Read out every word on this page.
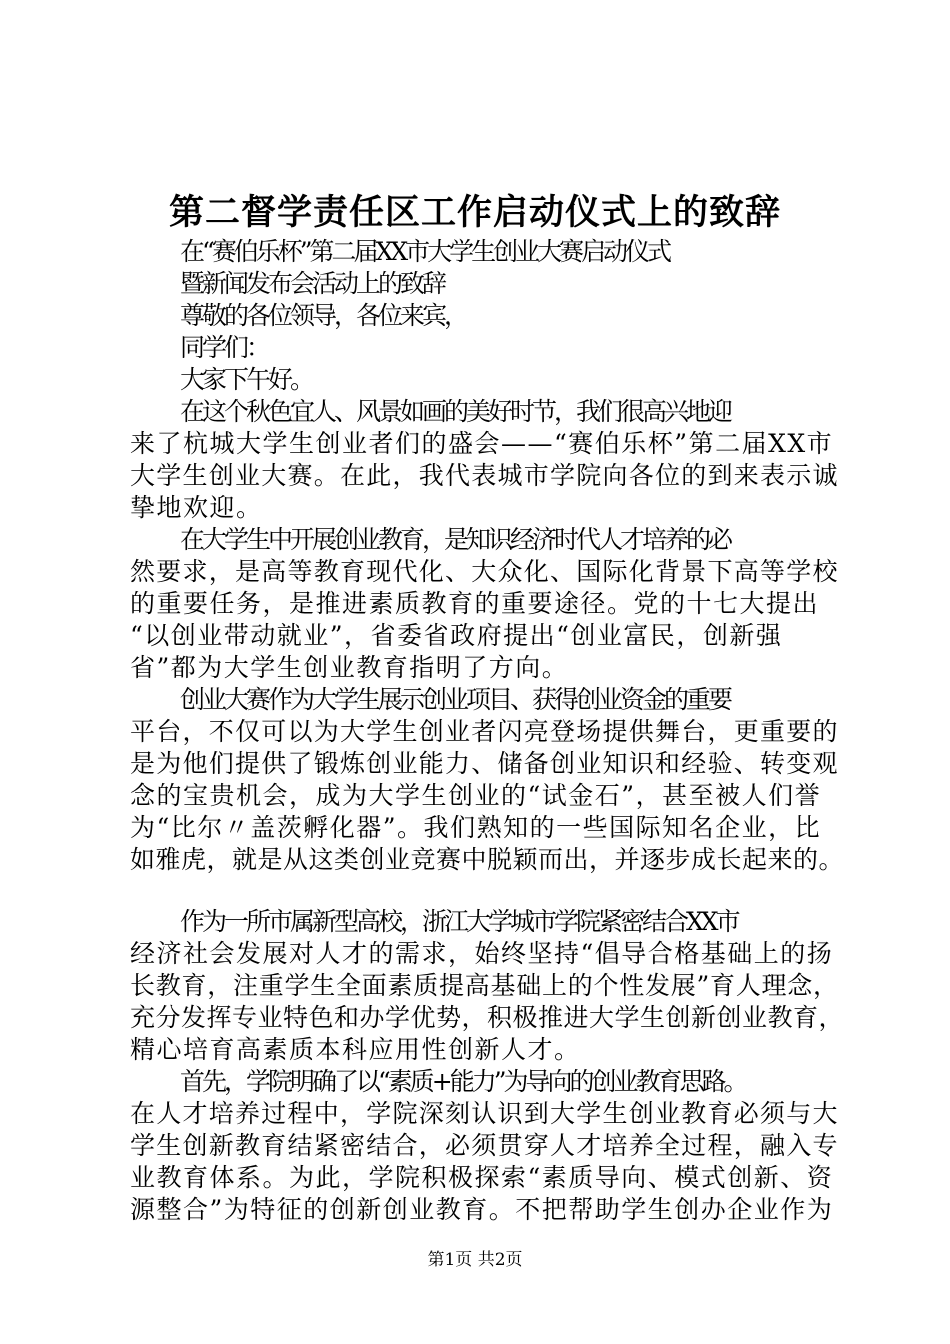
第二督学责任区工作启动仪式上的致辞
在“赛伯乐杯”第二届XX市大学生创业大赛启动仪式
暨新闻发布会活动上的致辞
尊敬的各位领导，各位来宾，
同学们：
大家下午好。
在这个秋色宜人、风景如画的美好时节，我们很高兴地迎
来了杭城大学生创业者们的盛会——“赛伯乐杯”第二届XX市
大学生创业大赛。在此，我代表城市学院向各位的到来表示诚
挚地欢迎。
在大学生中开展创业教育，是知识经济时代人才培养的必
然要求，是高等教育现代化、大众化、国际化背景下高等学校
的重要任务，是推进素质教育的重要途径。党的十七大提出
“以创业带动就业”，省委省政府提出“创业富民，创新强
省”都为大学生创业教育指明了方向。
创业大赛作为大学生展示创业项目、获得创业资金的重要
平台，不仅可以为大学生创业者闪亮登场提供舞台，更重要的
是为他们提供了锻炼创业能力、储备创业知识和经验、转变观
念的宝贵机会，成为大学生创业的“试金石”，甚至被人们誉
为“比尔〃盖茨孵化器”。我们熟知的一些国际知名企业，比
如雅虎，就是从这类创业竞赛中脱颖而出，并逐步成长起来的。
作为一所市属新型高校，浙江大学城市学院紧密结合XX市
经济社会发展对人才的需求，始终坚持“倡导合格基础上的扬
长教育，注重学生全面素质提高基础上的个性发展”育人理念，
充分发挥专业特色和办学优势，积极推进大学生创新创业教育，
精心培育高素质本科应用性创新人才。
首先，学院明确了以“素质+能力”为导向的创业教育思路。
在人才培养过程中，学院深刻认识到大学生创业教育必须与大
学生创新教育结紧密结合，必须贯穿人才培养全过程，融入专
业教育体系。为此，学院积极探索“素质导向、模式创新、资
源整合”为特征的创新创业教育。不把帮助学生创办企业作为
第1页 共2页
